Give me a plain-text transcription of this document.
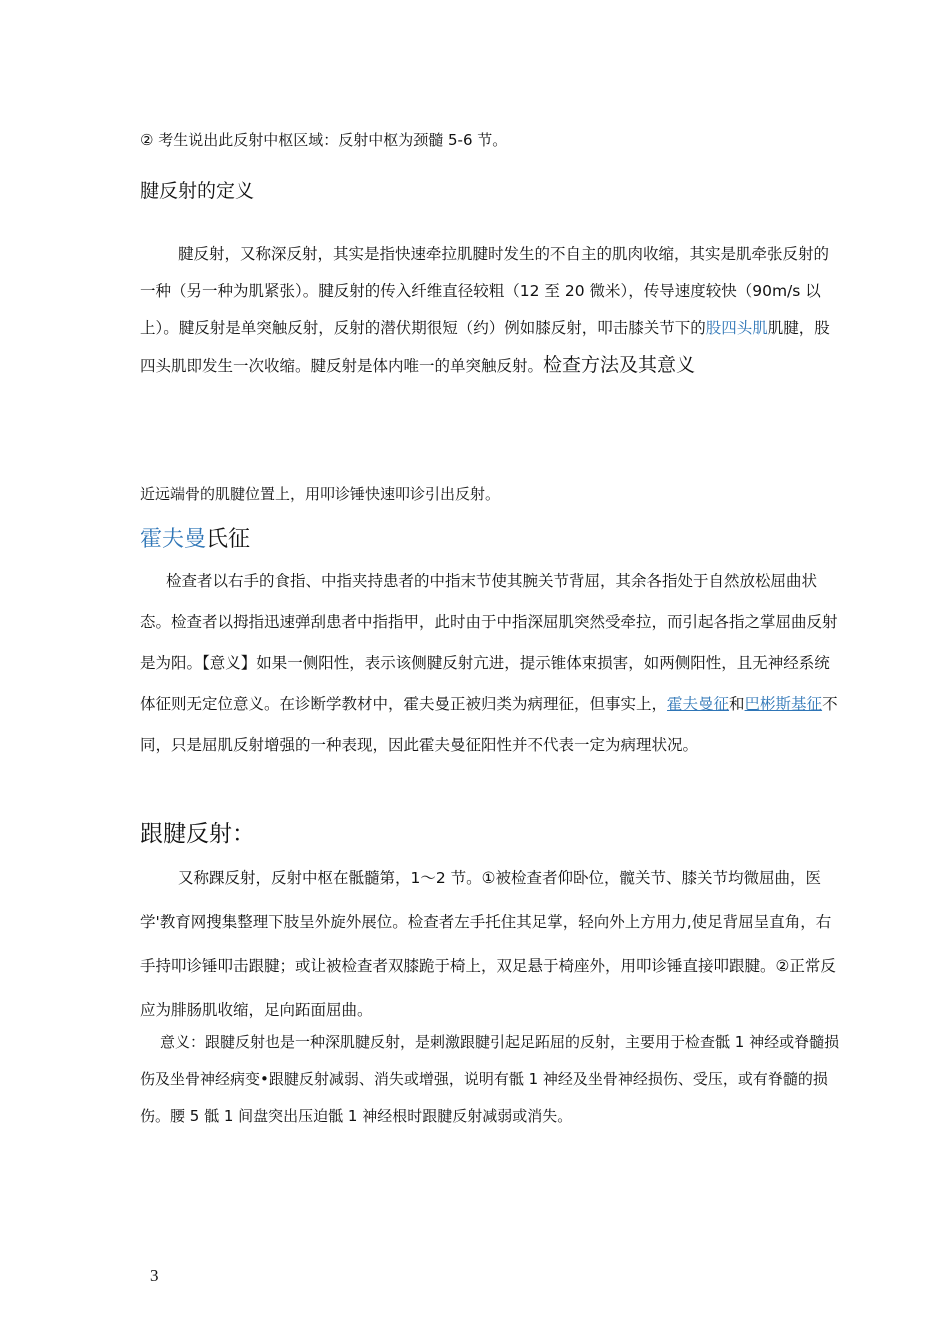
② 考生说出此反射中枢区域：反射中枢为颈髓 5-6 节。

腱反射的定义

腱反射，又称深反射，其实是指快速牵拉肌腱时发生的不自主的肌肉收缩，其实是肌牵张反射的一种（另一种为肌紧张）。腱反射的传入纤维直径较粗（12 至 20 微米），传导速度较快（90m/s 以上）。腱反射是单突触反射，反射的潜伏期很短（约）例如膝反射，叩击膝关节下的股四头肌肌腱，股四头肌即发生一次收缩。腱反射是体内唯一的单突触反射。检查方法及其意义

近远端骨的肌腱位置上，用叩诊锤快速叩诊引出反射。

霍夫曼氏征

检查者以右手的食指、中指夹持患者的中指末节使其腕关节背屈，其余各指处于自然放松屈曲状态。检查者以拇指迅速弹刮患者中指指甲，此时由于中指深屈肌突然受牵拉，而引起各指之掌屈曲反射是为阳。【意义】如果一侧阳性，表示该侧腱反射亢进，提示锥体束损害，如两侧阳性，且无神经系统体征则无定位意义。在诊断学教材中，霍夫曼正被归类为病理征，但事实上，霍夫曼征和巴彬斯基征不同，只是屈肌反射增强的一种表现，因此霍夫曼征阳性并不代表一定为病理状况。

跟腱反射：

又称踝反射，反射中枢在骶髓第，1～2 节。①被检查者仰卧位，髋关节、膝关节均微屈曲，医学'教育网搜集整理下肢呈外旋外展位。检查者左手托住其足掌，轻向外上方用力,使足背屈呈直角，右手持叩诊锤叩击跟腱；或让被检查者双膝跪于椅上，双足悬于椅座外，用叩诊锤直接叩跟腱。②正常反应为腓肠肌收缩，足向跖面屈曲。

意义：跟腱反射也是一种深肌腱反射，是刺激跟腱引起足跖屈的反射，主要用于检查骶 1 神经或脊髓损伤及坐骨神经病变•跟腱反射减弱、消失或增强，说明有骶 1 神经及坐骨神经损伤、受压，或有脊髓的损伤。腰 5 骶 1 间盘突出压迫骶 1 神经根时跟腱反射减弱或消失。

3
